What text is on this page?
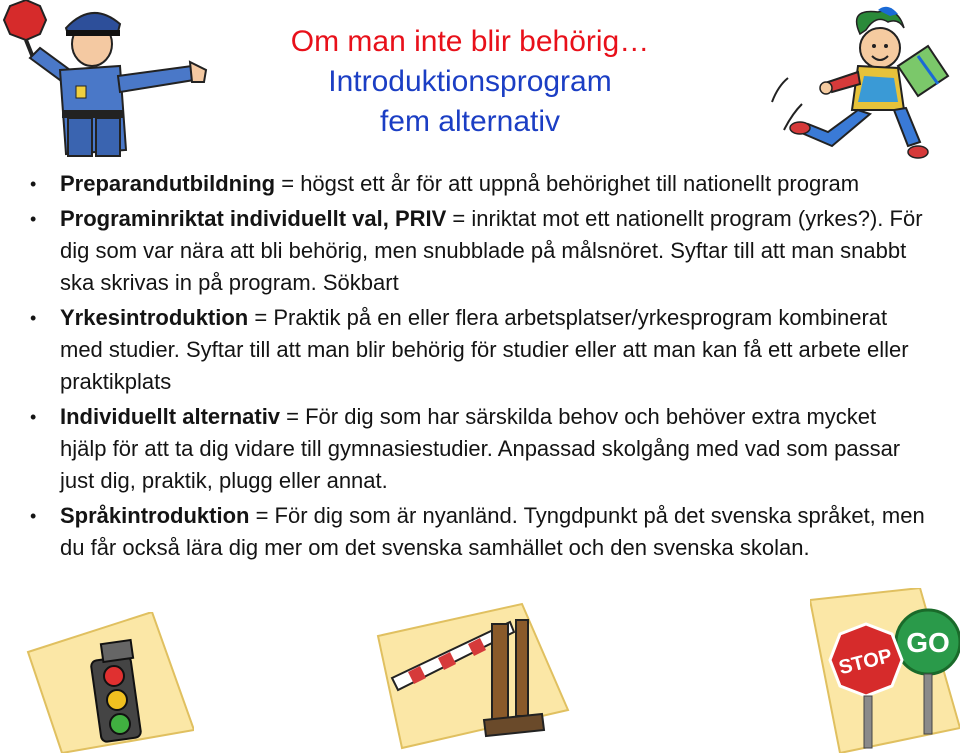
Om man inte blir behörig…
Introduktionsprogram
fem alternativ
• Preparandutbildning = högst ett år för att uppnå behörighet till nationellt program
• Programinriktat individuellt val, PRIV = inriktat mot ett nationellt program (yrkes?). För dig som var nära att bli behörig, men snubblade på målsnöret. Syftar till att man snabbt ska skrivas in på program. Sökbart
• Yrkesintroduktion = Praktik på en eller flera arbetsplatser/yrkesprogram kombinerat med studier. Syftar till att man blir behörig för studier eller att man kan få ett arbete eller praktikplats
• Individuellt alternativ = För dig som har särskilda behov och behöver extra mycket hjälp för att ta dig vidare till gymnasiestudier. Anpassad skolgång med vad som passar just dig, praktik, plugg eller annat.
• Språkintroduktion = För dig som är nyanländ. Tyngdpunkt på det svenska språket, men du får också lära dig mer om det svenska samhället och den svenska skolan.
GO
STOP
